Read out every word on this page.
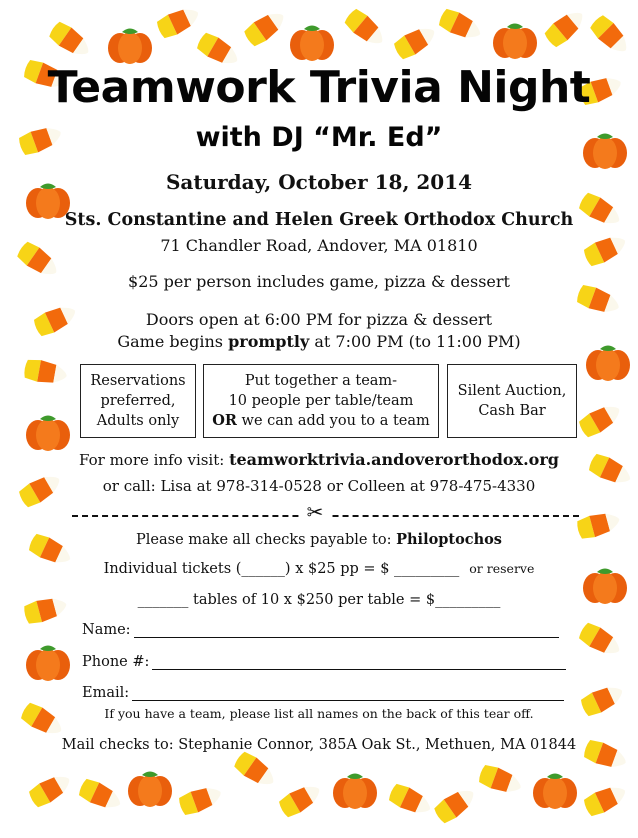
Teamwork Trivia Night
with DJ “Mr. Ed”
Saturday, October 18, 2014
Sts. Constantine and Helen Greek Orthodox Church
71 Chandler Road, Andover, MA 01810
$25 per person includes game, pizza & dessert
Doors open at 6:00 PM for pizza & dessert
Game begins promptly at 7:00 PM (to 11:00 PM)
Reservations
preferred,
Adults only
Put together a team-
10 people per table/team
OR we can add you to a team
Silent Auction,
Cash Bar
For more info visit: teamworktrivia.andoverorthodox.org
or call: Lisa at 978-314-0528 or Colleen at 978-475-4330
✂
Please make all checks payable to: Philoptochos
Individual tickets (______) x $25 pp = $ _________ or reserve
_______ tables of 10 x $250 per table = $_________
Name:
Phone #:
Email:
If you have a team, please list all names on the back of this tear off.
Mail checks to: Stephanie Connor, 385A Oak St., Methuen, MA 01844
